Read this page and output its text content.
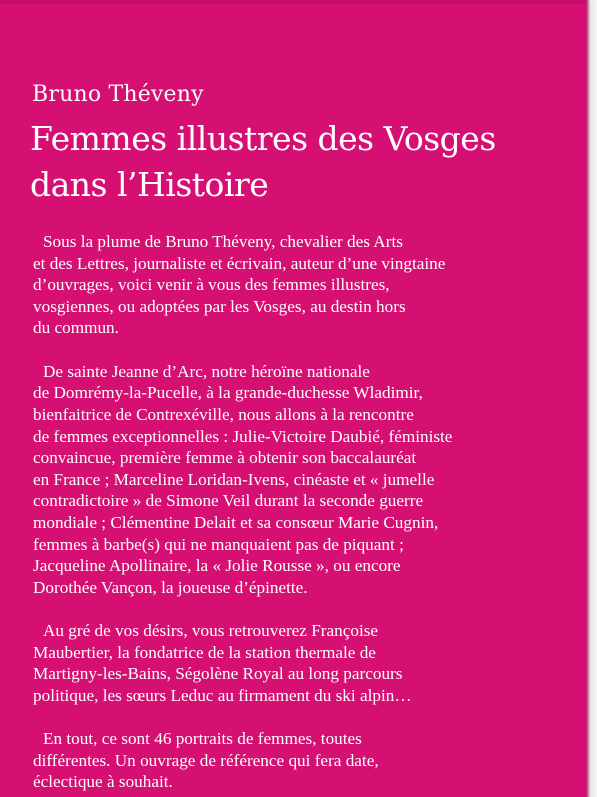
Bruno Théveny
Femmes illustres des Vosges
dans l’Histoire

Sous la plume de Bruno Théveny, chevalier des Arts
et des Lettres, journaliste et écrivain, auteur d’une vingtaine
d’ouvrages, voici venir à vous des femmes illustres,
vosgiennes, ou adoptées par les Vosges, au destin hors
du commun.

De sainte Jeanne d’Arc, notre héroïne nationale
de Domrémy-la-Pucelle, à la grande-duchesse Wladimir,
bienfaitrice de Contrexéville, nous allons à la rencontre
de femmes exceptionnelles : Julie-Victoire Daubié, féministe
convaincue, première femme à obtenir son baccalauréat
en France ; Marceline Loridan-Ivens, cinéaste et « jumelle
contradictoire » de Simone Veil durant la seconde guerre
mondiale ; Clémentine Delait et sa consœur Marie Cugnin,
femmes à barbe(s) qui ne manquaient pas de piquant ;
Jacqueline Apollinaire, la « Jolie Rousse », ou encore
Dorothée Vançon, la joueuse d’épinette.

Au gré de vos désirs, vous retrouverez Françoise
Maubertier, la fondatrice de la station thermale de
Martigny-les-Bains, Ségolène Royal au long parcours
politique, les sœurs Leduc au firmament du ski alpin…

En tout, ce sont 46 portraits de femmes, toutes
différentes. Un ouvrage de référence qui fera date,
éclectique à souhait.
